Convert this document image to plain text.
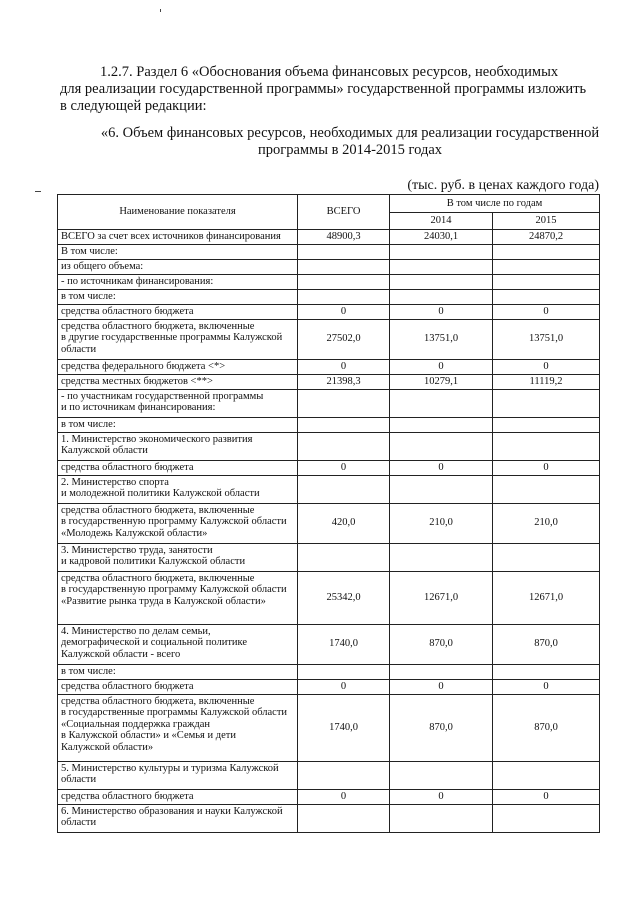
1.2.7. Раздел 6 «Обоснования объема финансовых ресурсов, необходимых
для реализации государственной программы» государственной программы изложить
в следующей редакции:
«6. Объем финансовых ресурсов, необходимых для реализации государственной
программы в 2014-2015 годах
(тыс. руб. в ценах каждого года)
Наименование показателя	ВСЕГО	В том числе по годам	
		2014	2015
ВСЕГО за счет всех источников финансирования	48900,3	24030,1	24870,2
В том числе:			
из общего объема:			
- по источникам финансирования:			
в том числе:			
средства областного бюджета	0	0	0
средства областного бюджета, включенные
в другие государственные программы Калужской области	27502,0	13751,0	13751,0
средства федерального бюджета <*>	0	0	0
средства местных бюджетов <**>	21398,3	10279,1	11119,2
- по участникам государственной программы
и по источникам финансирования:			
в том числе:			
1. Министерство экономического развития
Калужской области			
средства областного бюджета	0	0	0
2. Министерство спорта
и молодежной политики Калужской области			
средства областного бюджета, включенные
в государственную программу Калужской области «Молодежь Калужской области»	420,0	210,0	210,0
3. Министерство труда, занятости
и кадровой политики Калужской области			
средства областного бюджета, включенные
в государственную программу Калужской области «Развитие рынка труда в Калужской области»	25342,0	12671,0	12671,0
4. Министерство по делам семьи,
демографической и социальной политике
Калужской области - всего	1740,0	870,0	870,0
в том числе:			
средства областного бюджета	0	0	0
средства областного бюджета, включенные
в государственные программы Калужской области «Социальная поддержка граждан
в Калужской области» и «Семья и дети
Калужской области»	1740,0	870,0	870,0
5. Министерство культуры и туризма Калужской области			
средства областного бюджета	0	0	0
6. Министерство образования и науки Калужской области			
